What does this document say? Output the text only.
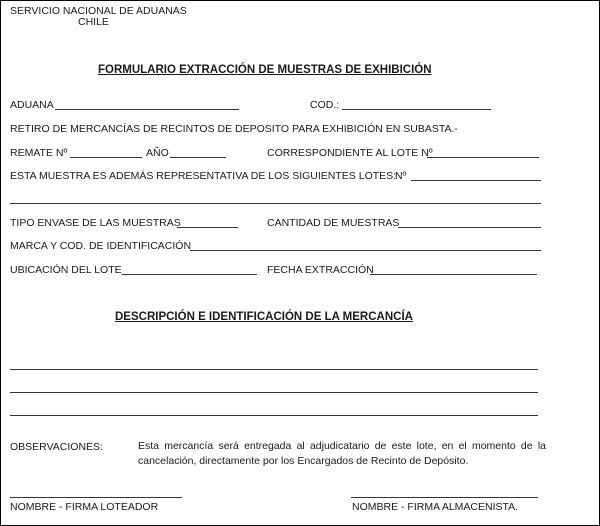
SERVICIO NACIONAL DE ADUANAS
CHILE
FORMULARIO EXTRACCIÓN DE MUESTRAS DE EXHIBICIÓN
ADUANA	COD.:
RETIRO DE MERCANCÍAS DE RECINTOS DE DEPOSITO PARA EXHIBICIÓN EN SUBASTA.-
REMATE Nº	AÑO	CORRESPONDIENTE AL LOTE Nº
ESTA MUESTRA ES ADEMÁS REPRESENTATIVA DE LOS SIGUIENTES LOTES:
Nº
TIPO ENVASE DE LAS MUESTRAS	CANTIDAD DE MUESTRAS
MARCA Y COD. DE IDENTIFICACIÓN
UBICACIÓN DEL LOTE	FECHA EXTRACCIÓN
DESCRIPCIÓN E IDENTIFICACIÓN DE LA MERCANCÍA
OBSERVACIONES:	Esta mercancía será entregada al adjudicatario de este lote, en el momento de la cancelación, directamente por los Encargados de Recinto de Depósito.
NOMBRE - FIRMA LOTEADOR	NOMBRE - FIRMA ALMACENISTA.
